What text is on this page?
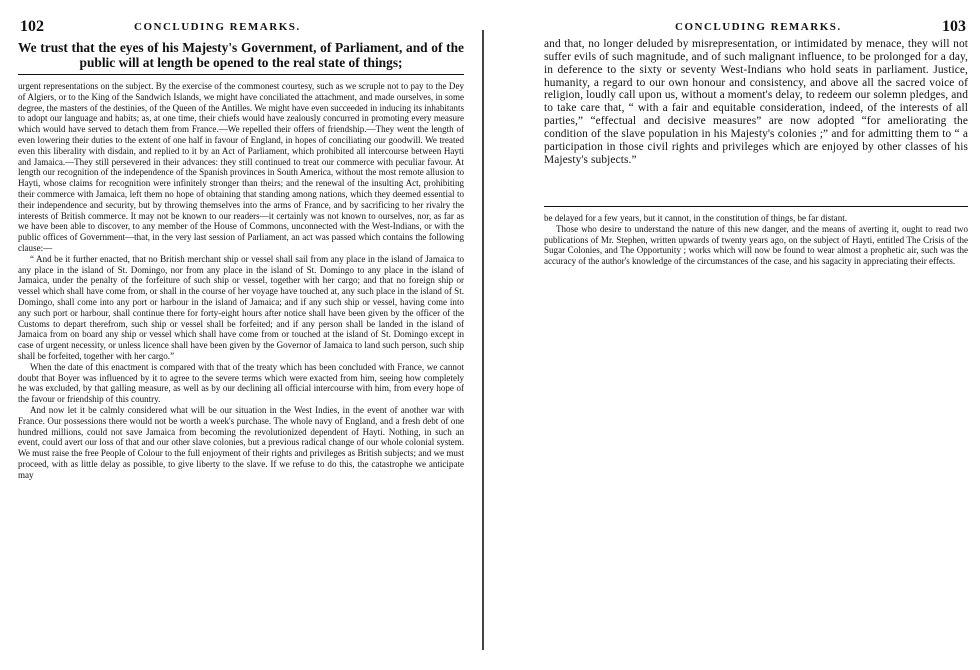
102	CONCLUDING REMARKS.

We trust that the eyes of his Majesty's Government, of Parliament, and of the public will at length be opened to the real state of things;

urgent representations on the subject. By the exercise of the commonest courtesy, such as we scruple not to pay to the Dey of Algiers, or to the King of the Sandwich Islands, we might have conciliated the attachment, and made ourselves, in some degree, the masters of the destinies, of the Queen of the Antilles. We might have even succeeded in inducing its inhabitants to adopt our language and habits; as, at one time, their chiefs would have zealously concurred in promoting every measure which would have served to detach them from France.—We repelled their offers of friendship.—They went the length of even lowering their duties to the extent of one half in favour of England, in hopes of conciliating our goodwill. We treated even this liberality with disdain, and replied to it by an Act of Parliament, which prohibited all intercourse between Hayti and Jamaica.—They still persevered in their advances: they still continued to treat our commerce with peculiar favour. At length our recognition of the independence of the Spanish provinces in South America, without the most remote allusion to Hayti, whose claims for recognition were infinitely stronger than theirs; and the renewal of the insulting Act, prohibiting their commerce with Jamaica, left them no hope of obtaining that standing among nations, which they deemed essential to their independence and security, but by throwing themselves into the arms of France, and by sacrificing to her rivalry the interests of British commerce. It may not be known to our readers—it certainly was not known to ourselves, nor, as far as we have been able to discover, to any member of the House of Commons, unconnected with the West-Indians, or with the public offices of Government—that, in the very last session of Parliament, an act was passed which contains the following clause:—

“ And be it further enacted, that no British merchant ship or vessel shall sail from any place in the island of Jamaica to any place in the island of St. Domingo, nor from any place in the island of St. Domingo to any place in the island of Jamaica, under the penalty of the forfeiture of such ship or vessel, together with her cargo; and that no foreign ship or vessel which shall have come from, or shall in the course of her voyage have touched at, any such place in the island of St. Domingo, shall come into any port or harbour in the island of Jamaica; and if any such ship or vessel, having come into any such port or harbour, shall continue there for forty-eight hours after notice shall have been given by the officer of the Customs to depart therefrom, such ship or vessel shall be forfeited; and if any person shall be landed in the island of Jamaica from on board any ship or vessel which shall have come from or touched at the island of St. Domingo except in case of urgent necessity, or unless licence shall have been given by the Governor of Jamaica to land such person, such ship shall be forfeited, together with her cargo.”

When the date of this enactment is compared with that of the treaty which has been concluded with France, we cannot doubt that Boyer was influenced by it to agree to the severe terms which were exacted from him, seeing how completely he was excluded, by that galling measure, as well as by our declining all official intercourse with him, from every hope of the favour or friendship of this country.

And now let it be calmly considered what will be our situation in the West Indies, in the event of another war with France. Our possessions there would not be worth a week's purchase. The whole navy of England, and a fresh debt of one hundred millions, could not save Jamaica from becoming the revolutionized dependent of Hayti. Nothing, in such an event, could avert our loss of that and our other slave colonies, but a previous radical change of our whole colonial system. We must raise the free People of Colour to the full enjoyment of their rights and privileges as British subjects; and we must proceed, with as little delay as possible, to give liberty to the slave. If we refuse to do this, the catastrophe we anticipate may

CONCLUDING REMARKS.	103

and that, no longer deluded by misrepresentation, or intimidated by menace, they will not suffer evils of such magnitude, and of such malignant influence, to be prolonged for a day, in deference to the sixty or seventy West-Indians who hold seats in parliament. Justice, humanity, a regard to our own honour and consistency, and above all the sacred voice of religion, loudly call upon us, without a moment's delay, to redeem our solemn pledges, and to take care that, “ with a fair and equitable consideration, indeed, of the interests of all parties,” “effectual and decisive measures” are now adopted “for ameliorating the condition of the slave population in his Majesty's colonies ;” and for admitting them to “ a participation in those civil rights and privileges which are enjoyed by other classes of his Majesty's subjects.”

be delayed for a few years, but it cannot, in the constitution of things, be far distant.

Those who desire to understand the nature of this new danger, and the means of averting it, ought to read two publications of Mr. Stephen, written upwards of twenty years ago, on the subject of Hayti, entitled The Crisis of the Sugar Colonies, and The Opportunity ; works which will now be found to wear almost a prophetic air, such was the accuracy of the author's knowledge of the circumstances of the case, and his sagacity in appreciating their effects.
